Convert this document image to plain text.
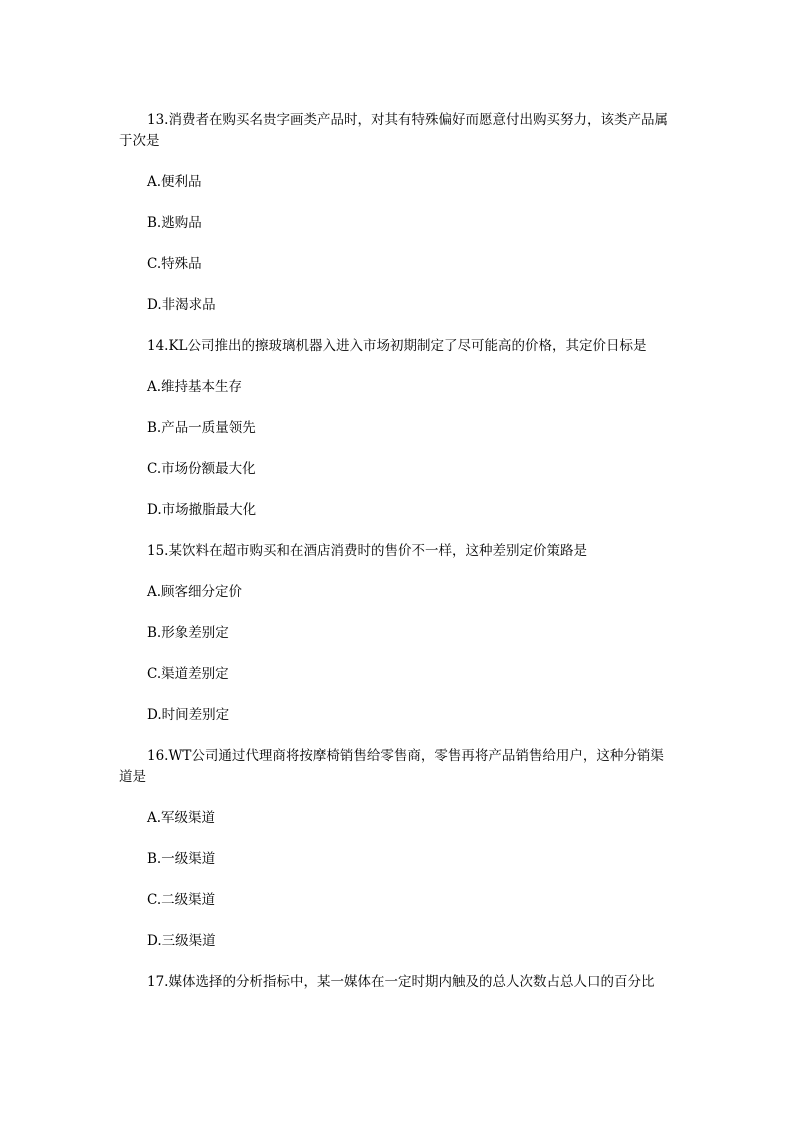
13.消费者在购买名贵字画类产品时，对其有特殊偏好而愿意付出购买努力，该类产品属
于次是
A.便利品
B.逃购品
C.特殊品
D.非渴求品
14.KL公司推出的擦玻璃机器入进入市场初期制定了尽可能高的价格，其定价日标是
A.维持基本生存
B.产品一质量领先
C.市场份额最大化
D.市场撤脂最大化
15.某饮料在超市购买和在酒店消费时的售价不一样，这种差别定价策路是
A.顾客细分定价
B.形象差别定
C.渠道差别定
D.时间差别定
16.WT公司通过代理商将按摩椅销售给零售商，零售再将产品销售给用户，这种分销渠
道是
A.军级渠道
B.一级渠道
C.二级渠道
D.三级渠道
17.媒体选择的分析指标中，某一媒体在一定时期内触及的总人次数占总人口的百分比
